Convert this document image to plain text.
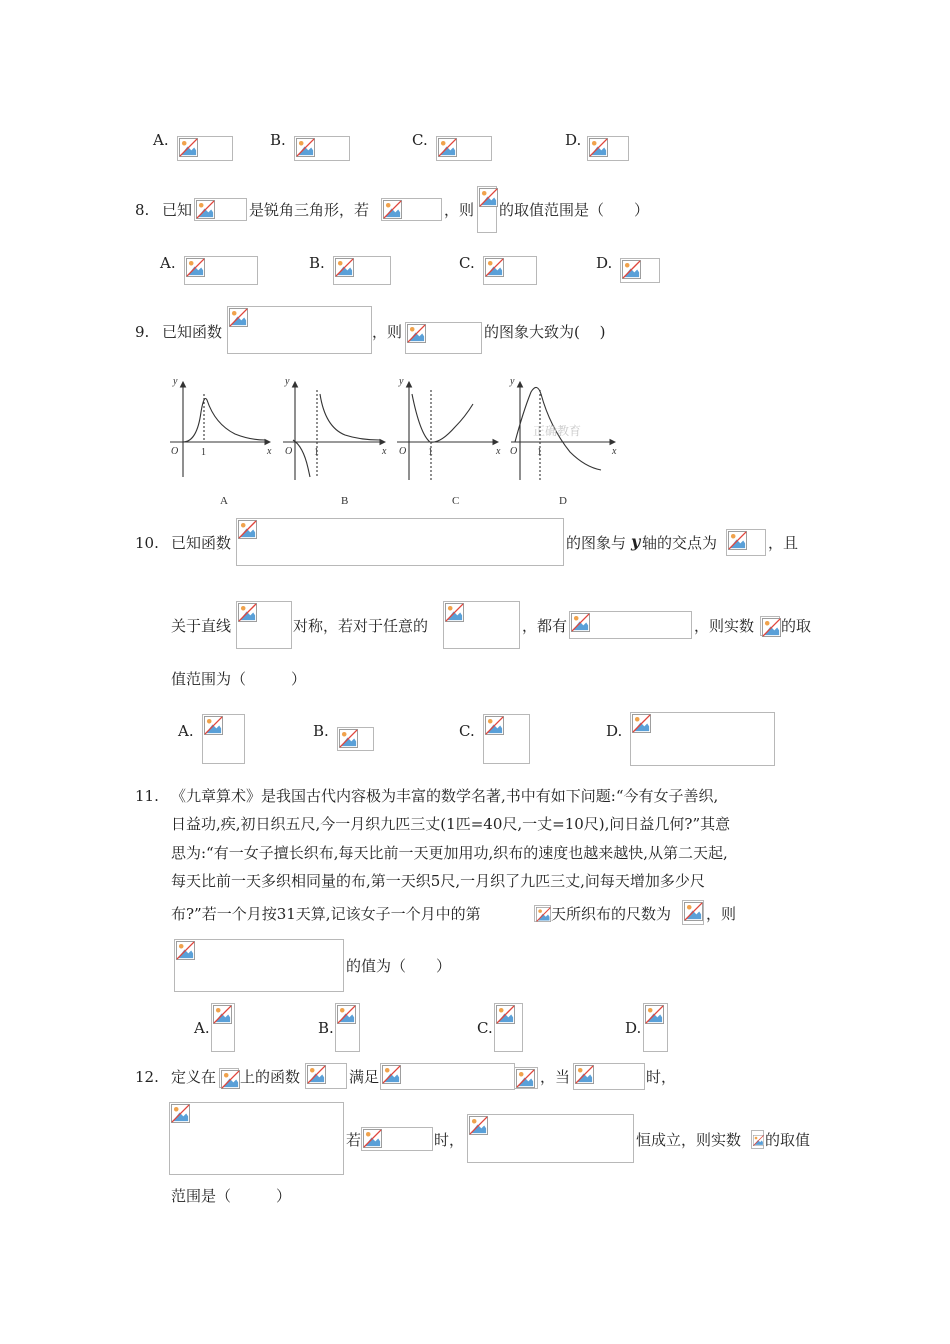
A.	B.	C.	D.
8. 已知	是锐角三角形，若	，则 的取值范围是（　　）
A.	B.	C.	D.
9. 已知函数	，则	的图象大致为(　 )
y
x
O
y
x
O
y
x
O
y
x
O
1	1	1	1
正确教育
A	B	C	D
10. 已知函数	的图象与 y 轴的交点为	，且
关于直线	对称，若对于任意的	，都有	，则实数 的取
值范围为（　　　）
A.	B.	C.	D.
11. 《九章算术》是我国古代内容极为丰富的数学名著,书中有如下问题:“今有女子善织,
日益功,疾,初日织五尺,今一月织九匹三丈(1匹=40尺,一丈=10尺),问日益几何?”其意
思为:“有一女子擅长织布,每天比前一天更加用功,织布的速度也越来越快,从第二天起,
每天比前一天多织相同量的布,第一天织5尺,一月织了九匹三丈,问每天增加多少尺
布?”若一个月按31天算,记该女子一个月中的第	天所织布的尺数为 ，则
的值为（　　）
A.	B.	C.	D.
12. 定义在 上的函数	满足	，当	时，
若	时，	恒成立，则实数 的取值
范围是（　　　）
